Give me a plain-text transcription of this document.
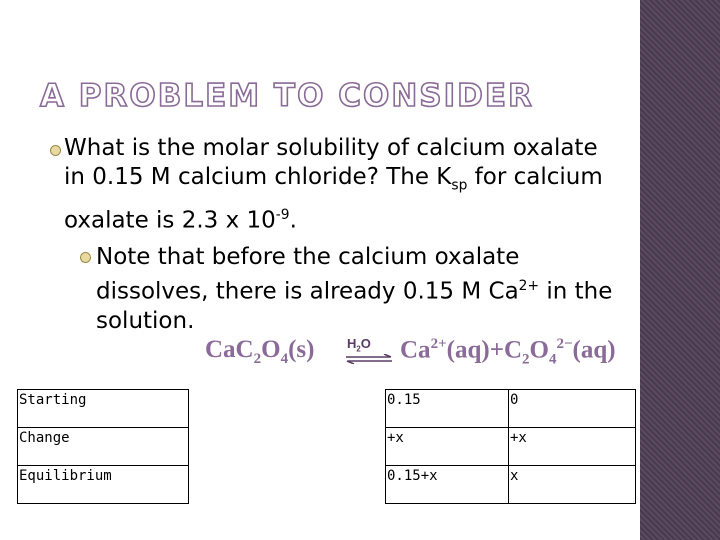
A PROBLEM TO CONSIDER
What is the molar solubility of calcium oxalate in 0.15 M calcium chloride? The $K_{sp}$ for calcium oxalate is 2.3 x $10^{-9}$.
Note that before the calcium oxalate dissolves, there is already 0.15 M $Ca^{2+}$ in the solution.
$CaC_2O_4(s)$	$H_2O$ ⇌ $Ca^{2+}(aq)+C_2O_4^{2-}(aq)$
Starting		0.15	0
Change		+x	+x
Equilibrium		0.15+x	x
